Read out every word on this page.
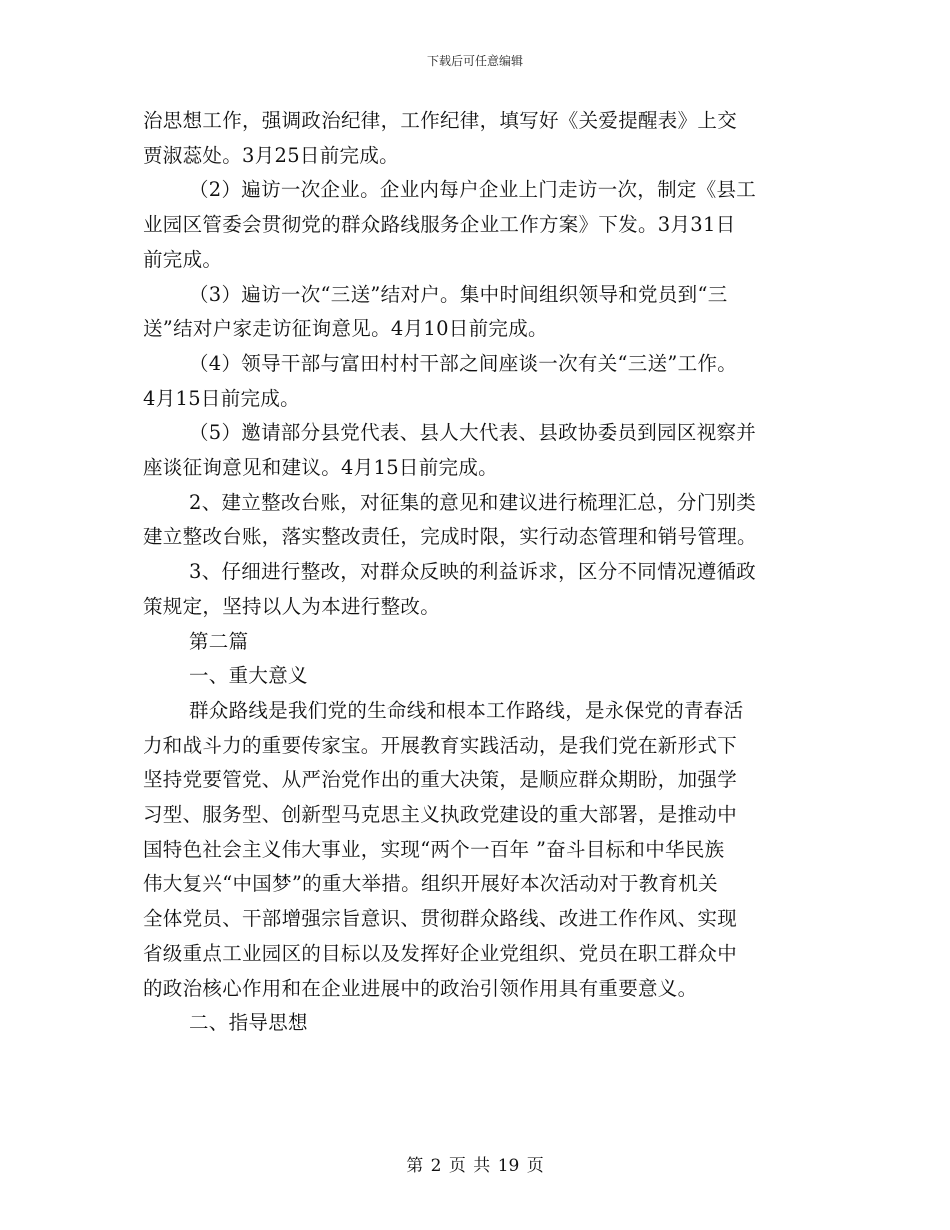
下载后可任意编辑

治思想工作，强调政治纪律，工作纪律，填写好《关爱提醒表》上交
贾淑蕊处。3月25日前完成。

（2）遍访一次企业。企业内每户企业上门走访一次，制定《县工
业园区管委会贯彻党的群众路线服务企业工作方案》下发。3月31日
前完成。

（3）遍访一次“三送”结对户。集中时间组织领导和党员到“三
送”结对户家走访征询意见。4月10日前完成。

（4）领导干部与富田村村干部之间座谈一次有关“三送”工作。
4月15日前完成。

（5）邀请部分县党代表、县人大代表、县政协委员到园区视察并
座谈征询意见和建议。4月15日前完成。

2、建立整改台账，对征集的意见和建议进行梳理汇总，分门别类
建立整改台账，落实整改责任，完成时限，实行动态管理和销号管理。

3、仔细进行整改，对群众反映的利益诉求，区分不同情况遵循政
策规定，坚持以人为本进行整改。

第二篇

一、重大意义

群众路线是我们党的生命线和根本工作路线，是永保党的青春活
力和战斗力的重要传家宝。开展教育实践活动，是我们党在新形式下
坚持党要管党、从严治党作出的重大决策，是顺应群众期盼，加强学
习型、服务型、创新型马克思主义执政党建设的重大部署，是推动中
国特色社会主义伟大事业，实现“两个一百年 ”奋斗目标和中华民族
伟大复兴“中国梦”的重大举措。组织开展好本次活动对于教育机关
全体党员、干部增强宗旨意识、贯彻群众路线、改进工作作风、实现
省级重点工业园区的目标以及发挥好企业党组织、党员在职工群众中
的政治核心作用和在企业进展中的政治引领作用具有重要意义。

二、指导思想

第 2 页 共 19 页
